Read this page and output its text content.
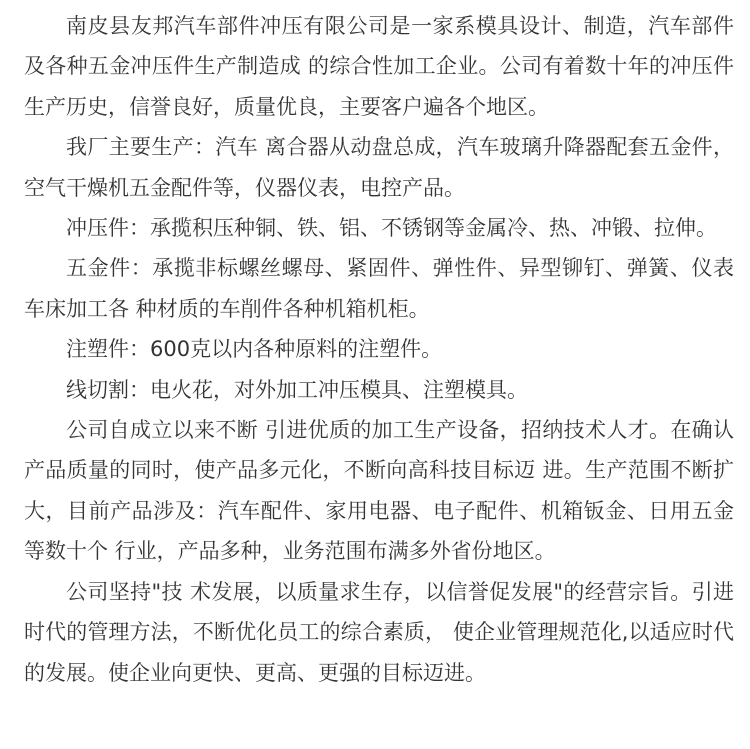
南皮县友邦汽车部件冲压有限公司是一家系模具设计、制造，汽车部件及各种五金冲压件生产制造成 的综合性加工企业。公司有着数十年的冲压件生产历史，信誉良好，质量优良，主要客户遍各个地区。

我厂主要生产：汽车 离合器从动盘总成，汽车玻璃升降器配套五金件，空气干燥机五金配件等，仪器仪表，电控产品。

冲压件：承揽积压种铜、铁、铝、不锈钢等金属冷、热、冲锻、拉伸。

五金件：承揽非标螺丝螺母、紧固件、弹性件、异型铆钉、弹簧、仪表车床加工各 种材质的车削件各种机箱机柜。

注塑件：600克以内各种原料的注塑件。

线切割：电火花，对外加工冲压模具、注塑模具。

公司自成立以来不断 引进优质的加工生产设备，招纳技术人才。在确认产品质量的同时，使产品多元化，不断向高科技目标迈 进。生产范围不断扩大，目前产品涉及：汽车配件、家用电器、电子配件、机箱钣金、日用五金等数十个 行业，产品多种，业务范围布满多外省份地区。

公司坚持"技 术发展，以质量求生存，以信誉促发展"的经营宗旨。引进时代的管理方法，不断优化员工的综合素质， 使企业管理规范化,以适应时代的发展。使企业向更快、更高、更强的目标迈进。
